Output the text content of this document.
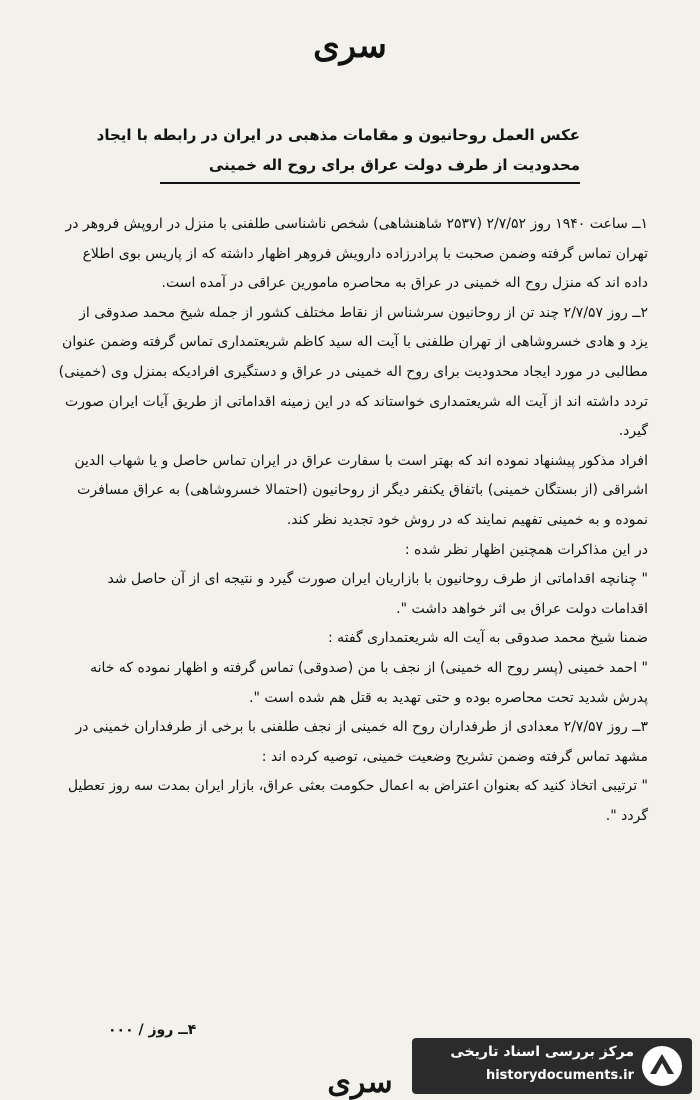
سری
عکس العمل روحانیون و مقامات مذهبی در ایران در رابطه با ایجاد
محدودیت از طرف دولت عراق برای روح اله خمینی

۱ــ ساعت ۱۹۴۰ روز ۲/۷/۵۲ (۲۵۳۷ شاهنشاهی) شخص ناشناسی طلفنی با منزل در اروپش فروهر در تهران تماس گرفته وضمن صحبت با پرادرزاده دارویش فروهر اظهار داشته که از پاریس بوی اطلاع داده اند که منزل روح اله خمینی در عراق به محاصره مامورین عراقی در آمده است.

۲ــ روز ۲/۷/۵۷ چند تن از روحانیون سرشناس از نقاط مختلف کشور از جمله شیخ محمد صدوقی از یزد و هادی خسروشاهی از تهران طلفنی با آیت اله سید کاظم شریعتمداری تماس گرفته وضمن عنوان مطالبی در مورد ایجاد محدودیت برای روح اله خمینی در عراق و دستگیری افرادیکه بمنزل وی (خمینی) تردد داشته اند از آیت اله شریعتمداری خواستاند که در این زمینه اقداماتی از طریق آیات ایران صورت گیرد.

افراد مذکور پیشنهاد نموده اند که بهتر است با سفارت عراق در ایران تماس حاصل و یا شهاب الدین اشراقی (از بستگان خمینی) باتفاق یکنفر دیگر از روحانیون (احتمالا خسروشاهی) به عراق مسافرت نموده و به خمینی تفهیم نمایند که در روش خود تجدید نظر کند.

در این مذاکرات همچنین اظهار نظر شده :

" چنانچه اقداماتی از طرف روحانیون با بازاریان ایران صورت گیرد و نتیجه ای از آن حاصل شد اقدامات دولت عراق بی اثر خواهد داشت ".

ضمنا شیخ محمد صدوقی به آیت اله شریعتمداری گفته :

" احمد خمینی (پسر روح اله خمینی) از نجف با من (صدوقی) تماس گرفته و اظهار نموده که خانه پدرش شدید تحت محاصره بوده و حتی تهدید به قتل هم شده است ".

۳ــ روز ۲/۷/۵۷ معدادی از طرفداران روح اله خمینی از نجف طلفنی با برخی از طرفداران خمینی در مشهد تماس گرفته وضمن تشریح وضعیت خمینی، توصیه کرده اند :

" ترتیبی اتخاذ کنید که بعنوان اعتراض به اعمال حکومت بعثی عراق، بازار ایران بمدت سه روز تعطیل گردد ".

۴ــ روز / ۰۰۰
سری
مرکز بررسی اسناد تاریخی
historydocuments.ir
